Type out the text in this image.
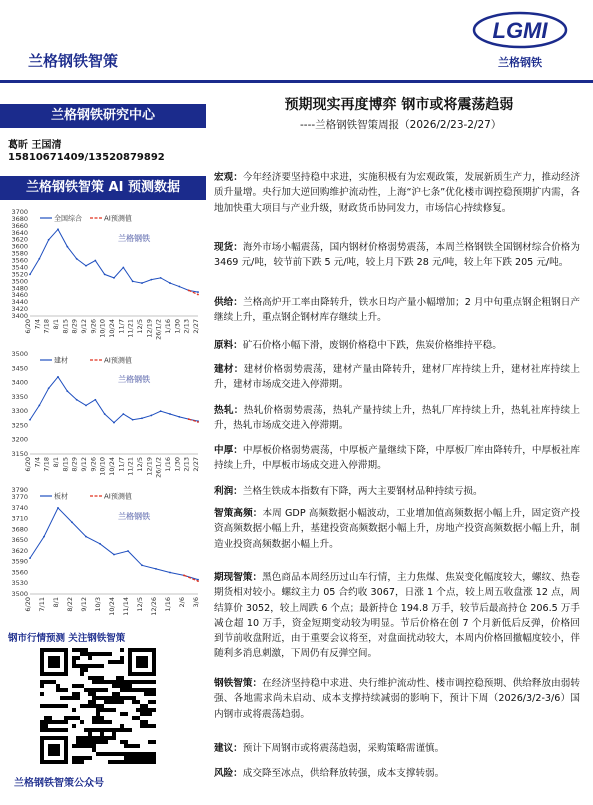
兰格钢铁智策
LGMI
兰格钢铁
兰格钢铁研究中心
葛昕 王国清
15810671409/13520879892
兰格钢铁智策 AI 预测数据
3400
3420
3440
3460
3480
3500
3520
3540
3560
3580
3600
3620
3640
3660
3680
3700
6/20 7/4 7/18 8/1 8/15 8/29 9/12 9/26 10/10 10/24 11/7 11/21 12/5 12/19 26/1/2 1/16 1/30 2/13 2/27
兰格钢铁
全国综合	AI预测值
3150
3200
3250
3300
3350
3400
3450
3500
6/20 7/4 7/18 8/1 8/15 8/29 9/12 9/26 10/10 10/24 11/7 11/21 12/5 12/19 26/1/2 1/16 1/30 2/13 2/27
兰格钢铁
建材	AI预测值
3500
3530
3560
3590
3620
3650
3680
3710
3740
3770
3790
6/20 7/11 8/1 8/22 9/12 10/3 10/24 11/14 12/5 12/26 1/16 2/6 3/6
兰格钢铁
板材	AI预测值
钢市行情预测 关注钢铁智策
兰格钢铁智策公众号
预期现实再度博弈 钢市或将震荡趋弱
----兰格钢铁智策周报（2026/2/23-2/27）
宏观：今年经济要坚持稳中求进，实施积极有为宏观政策，发展新质生产力，推动经济质升量增。央行加大逆回购维护流动性，上海“沪七条”优化楼市调控稳预期扩内需，各地加快重大项目与产业升级，财政货币协同发力，市场信心持续修复。
现货：海外市场小幅震荡，国内钢材价格弱势震荡，本周兰格钢铁全国钢材综合价格为 3469 元/吨，较节前下跌 5 元/吨，较上月下跌 28 元/吨，较上年下跌 205 元/吨。
供给：兰格高炉开工率由降转升，铁水日均产量小幅增加；2 月中旬重点钢企粗钢日产继续上升，重点钢企钢材库存继续上升。
原料：矿石价格小幅下滑，废钢价格稳中下跌，焦炭价格维持平稳。
建材：建材价格弱势震荡，建材产量由降转升，建材厂库持续上升，建材社库持续上升，建材市场成交进入停滞期。
热轧：热轧价格弱势震荡，热轧产量持续上升，热轧厂库持续上升，热轧社库持续上升，热轧市场成交进入停滞期。
中厚：中厚板价格弱势震荡，中厚板产量继续下降，中厚板厂库由降转升，中厚板社库持续上升，中厚板市场成交进入停滞期。
利润：兰格生铁成本指数有下降，两大主要钢材品种持续亏损。
智策高频：本周 GDP 高频数据小幅波动，工业增加值高频数据小幅上升，固定资产投资高频数据小幅上升，基建投资高频数据小幅上升，房地产投资高频数据小幅上升，制造业投资高频数据小幅上升。
期现智策：黑色商品本周经历过山车行情，主力焦煤、焦炭变化幅度较大，螺纹、热卷期货相对较小。螺纹主力 05 合约收 3067，日涨 1 个点，较上周五收盘涨 12 点，周结算价 3052，较上周跌 6 个点；最新持仓 194.8 万手，较节后最高持仓 206.5 万手减仓超 10 万手，资金短期变动较为明显。节后价格在创 7 个月新低后反弹，价格回到节前收盘附近，由于重要会议将至，对盘面扰动较大，本周内价格回撤幅度较小，伴随利多消息刺激，下周仍有反弹空间。
钢铁智策：在经济坚持稳中求进、央行维护流动性、楼市调控稳预期、供给释放由弱转强、各地需求尚未启动、成本支撑持续减弱的影响下，预计下周（2026/3/2-3/6）国内钢市或将震荡趋弱。
建议：预计下周钢市或将震荡趋弱，采购策略需谨慎。
风险：成交降至冰点，供给释放转强，成本支撑转弱。
